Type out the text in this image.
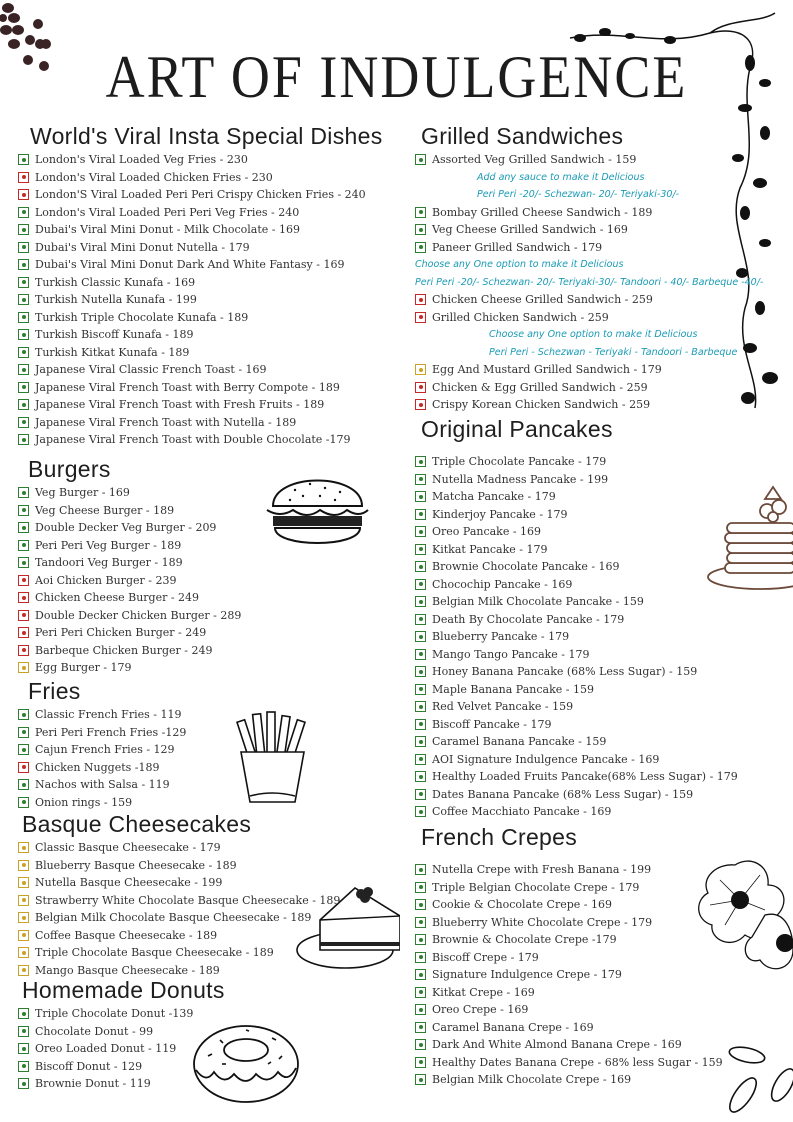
ART OF INDULGENCE
World's Viral Insta Special Dishes
London's Viral Loaded Veg Fries - 230
London's Viral Loaded Chicken Fries - 230
London'S Viral Loaded Peri Peri Crispy Chicken Fries - 240
London's Viral Loaded Peri Peri Veg Fries - 240
Dubai's Viral Mini Donut - Milk Chocolate - 169
Dubai's Viral Mini Donut Nutella - 179
Dubai's Viral Mini Donut Dark And White Fantasy - 169
Turkish Classic Kunafa - 169
Turkish Nutella Kunafa - 199
Turkish Triple Chocolate Kunafa - 189
Turkish Biscoff Kunafa - 189
Turkish Kitkat Kunafa - 189
Japanese Viral Classic French Toast - 169
Japanese Viral French Toast with Berry Compote - 189
Japanese Viral French Toast with Fresh Fruits - 189
Japanese Viral French Toast with Nutella - 189
Japanese Viral French Toast with Double Chocolate -179
Burgers
Veg Burger - 169
Veg Cheese Burger - 189
Double Decker Veg Burger - 209
Peri Peri Veg Burger - 189
Tandoori Veg Burger - 189
Aoi Chicken Burger - 239
Chicken Cheese Burger - 249
Double Decker Chicken Burger - 289
Peri Peri Chicken Burger - 249
Barbeque Chicken Burger - 249
Egg Burger - 179
Fries
Classic French Fries - 119
Peri Peri French Fries -129
Cajun French Fries - 129
Chicken Nuggets -189
Nachos with Salsa - 119
Onion rings - 159
Basque Cheesecakes
Classic Basque Cheesecake - 179
Blueberry Basque Cheesecake - 189
Nutella Basque Cheesecake - 199
Strawberry White Chocolate Basque Cheesecake - 189
Belgian Milk Chocolate Basque Cheesecake - 189
Coffee Basque Cheesecake - 189
Triple Chocolate Basque Cheesecake - 189
Mango Basque Cheesecake - 189
Homemade Donuts
Triple Chocolate Donut -139
Chocolate Donut - 99
Oreo Loaded Donut - 119
Biscoff Donut - 129
Brownie Donut - 119
Grilled Sandwiches
Assorted Veg Grilled Sandwich - 159
Add any sauce to make it Delicious
Peri Peri -20/- Schezwan- 20/- Teriyaki-30/-
Bombay Grilled Cheese Sandwich - 189
Veg Cheese Grilled Sandwich - 169
Paneer Grilled Sandwich - 179
Choose any One option to make it Delicious
Peri Peri -20/- Schezwan- 20/- Teriyaki-30/- Tandoori - 40/- Barbeque -40/-
Chicken Cheese Grilled Sandwich - 259
Grilled Chicken Sandwich - 259
Choose any One option to make it Delicious
Peri Peri - Schezwan - Teriyaki - Tandoori - Barbeque
Egg And Mustard Grilled Sandwich - 179
Chicken & Egg Grilled Sandwich - 259
Crispy Korean Chicken Sandwich - 259
Original Pancakes
Triple Chocolate Pancake - 179
Nutella Madness Pancake - 199
Matcha Pancake - 179
Kinderjoy Pancake - 179
Oreo Pancake - 169
Kitkat Pancake - 179
Brownie Chocolate Pancake - 169
Chocochip Pancake - 169
Belgian Milk Chocolate Pancake - 159
Death By Chocolate Pancake - 179
Blueberry Pancake - 179
Mango Tango Pancake - 179
Honey Banana Pancake (68% Less Sugar) - 159
Maple Banana Pancake - 159
Red Velvet Pancake - 159
Biscoff Pancake - 179
Caramel Banana Pancake - 159
AOI Signature Indulgence Pancake - 169
Healthy Loaded Fruits Pancake(68% Less Sugar) - 179
Dates Banana Pancake (68% Less Sugar) - 159
Coffee Macchiato Pancake - 169
French Crepes
Nutella Crepe with Fresh Banana - 199
Triple Belgian Chocolate Crepe - 179
Cookie & Chocolate Crepe - 169
Blueberry White Chocolate Crepe - 179
Brownie & Chocolate Crepe -179
Biscoff Crepe - 179
Signature Indulgence Crepe - 179
Kitkat Crepe - 169
Oreo Crepe - 169
Caramel Banana Crepe - 169
Dark And White Almond Banana Crepe - 169
Healthy Dates Banana Crepe - 68% less Sugar - 159
Belgian Milk Chocolate Crepe - 169
